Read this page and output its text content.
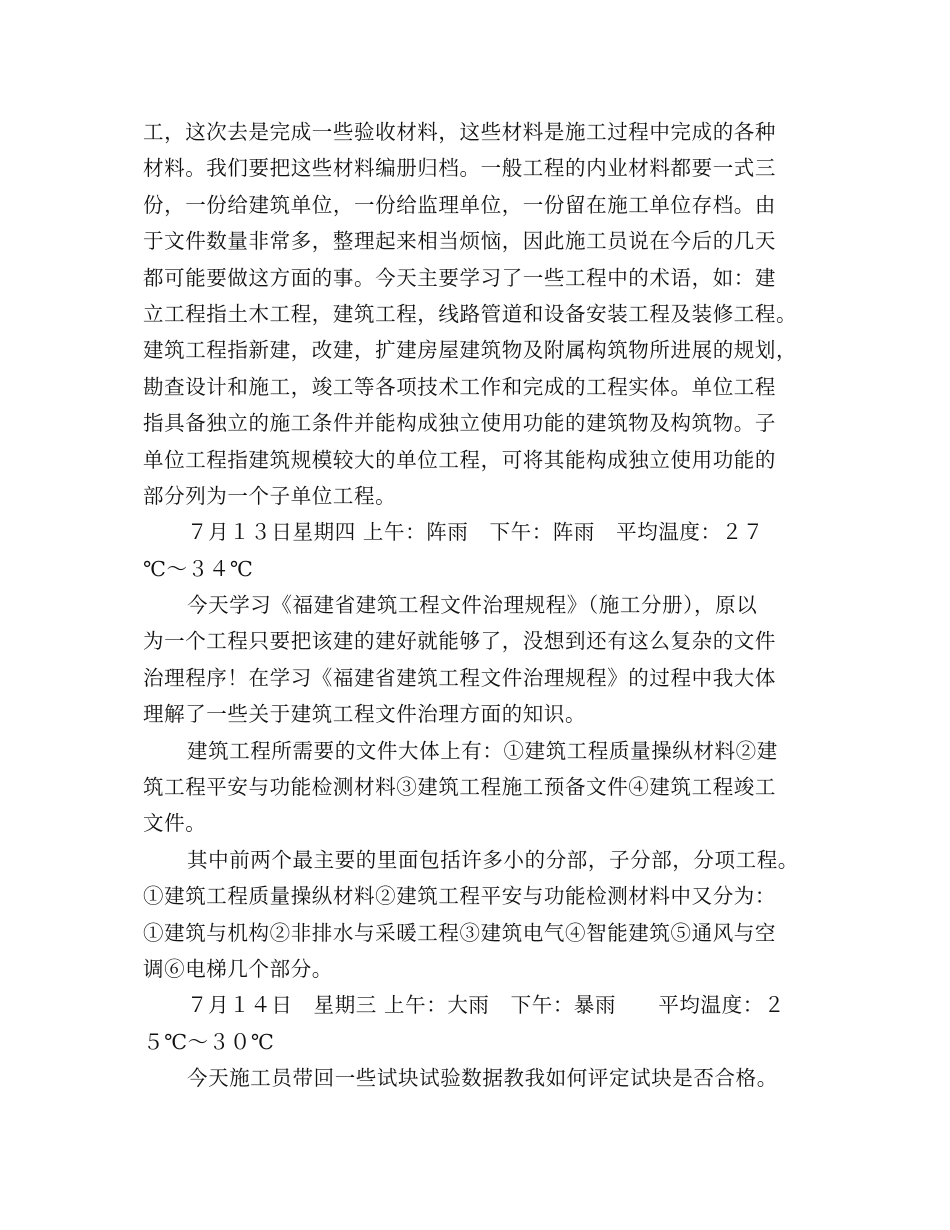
工，这次去是完成一些验收材料，这些材料是施工过程中完成的各种
材料。我们要把这些材料编册归档。一般工程的内业材料都要一式三
份，一份给建筑单位，一份给监理单位，一份留在施工单位存档。由
于文件数量非常多，整理起来相当烦恼，因此施工员说在今后的几天
都可能要做这方面的事。今天主要学习了一些工程中的术语，如：建
立工程指土木工程，建筑工程，线路管道和设备安装工程及装修工程。
建筑工程指新建，改建，扩建房屋建筑物及附属构筑物所进展的规划，
勘查设计和施工，竣工等各项技术工作和完成的工程实体。单位工程
指具备独立的施工条件并能构成独立使用功能的建筑物及构筑物。子
单位工程指建筑规模较大的单位工程，可将其能构成独立使用功能的
部分列为一个子单位工程。
７月１３日星期四 上午：阵雨　下午：阵雨　平均温度：２７
℃～３４℃
今天学习《福建省建筑工程文件治理规程》（施工分册），原以
为一个工程只要把该建的建好就能够了，没想到还有这么复杂的文件
治理程序！在学习《福建省建筑工程文件治理规程》的过程中我大体
理解了一些关于建筑工程文件治理方面的知识。
建筑工程所需要的文件大体上有：①建筑工程质量操纵材料②建
筑工程平安与功能检测材料③建筑工程施工预备文件④建筑工程竣工
文件。
其中前两个最主要的里面包括许多小的分部，子分部，分项工程。
①建筑工程质量操纵材料②建筑工程平安与功能检测材料中又分为：
①建筑与机构②非排水与采暖工程③建筑电气④智能建筑⑤通风与空
调⑥电梯几个部分。
７月１４日　星期三 上午：大雨　下午：暴雨　　平均温度：２
５℃～３０℃
今天施工员带回一些试块试验数据教我如何评定试块是否合格。
